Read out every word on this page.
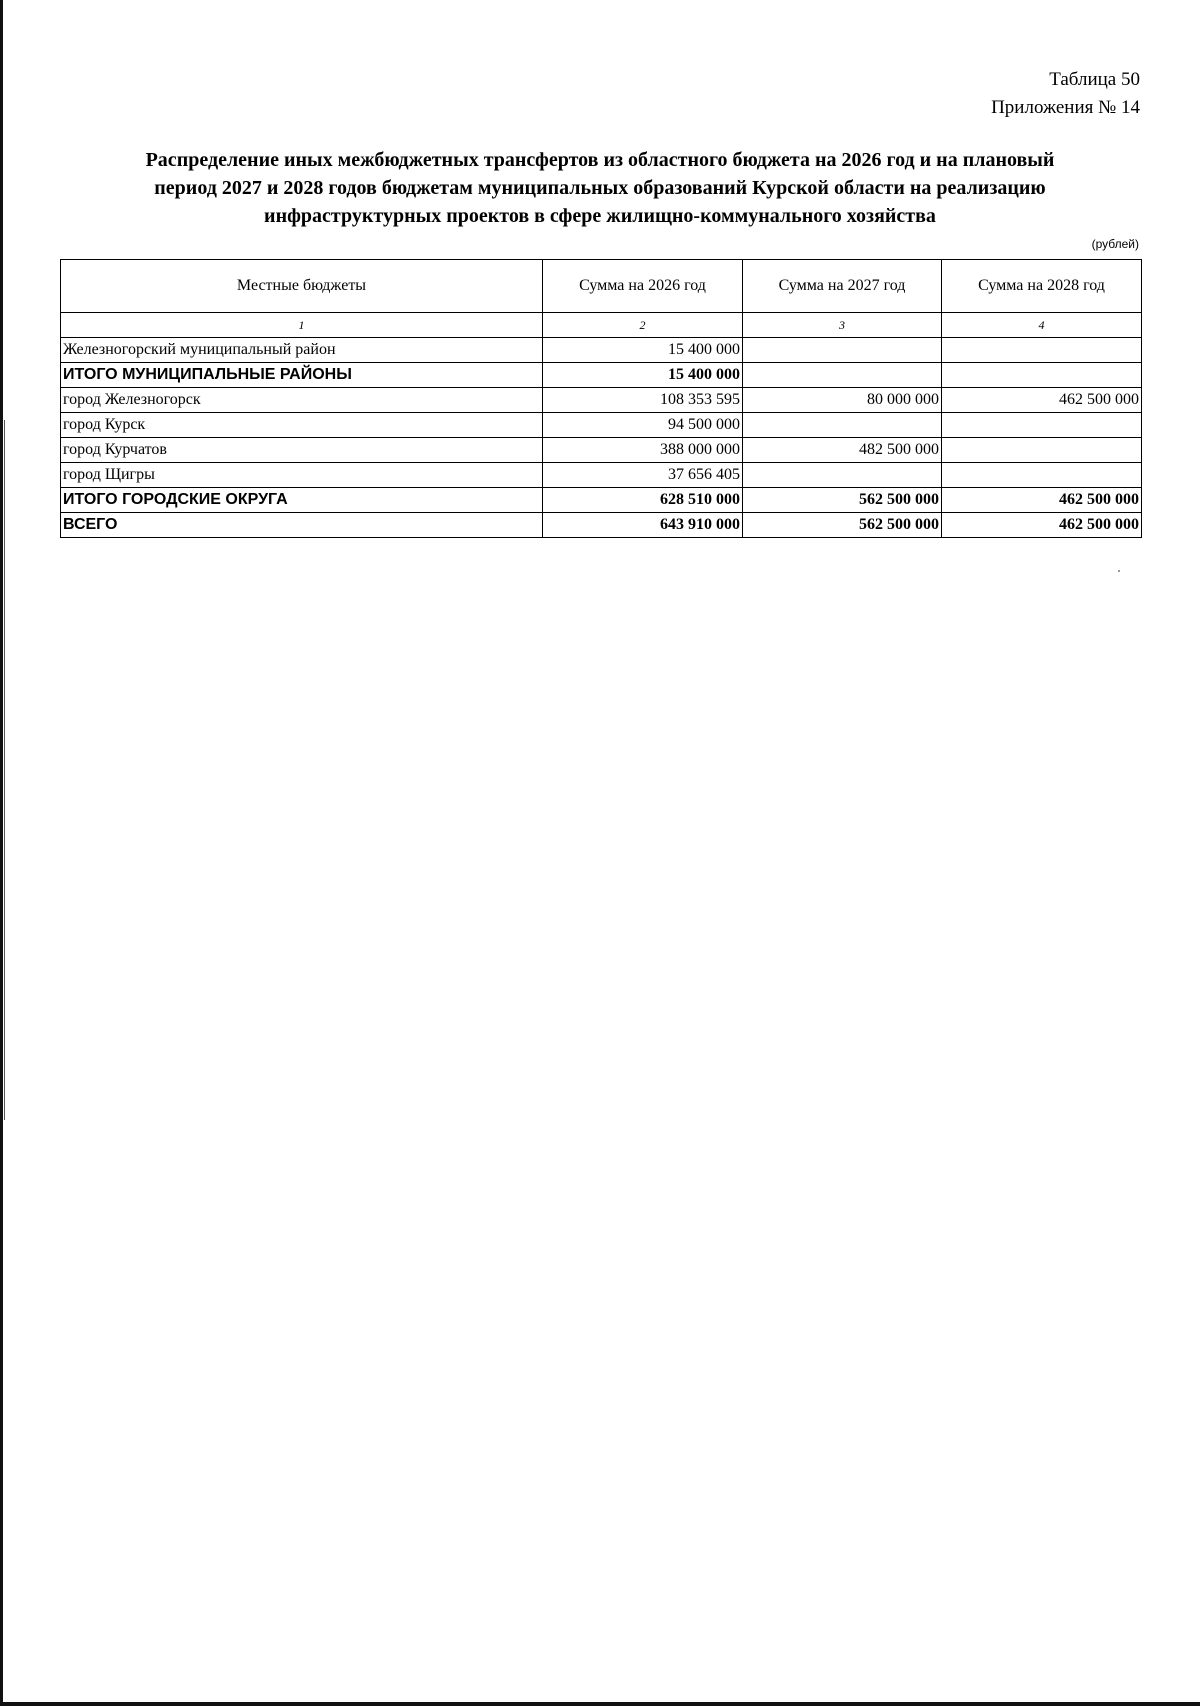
Таблица 50
Приложения № 14
Распределение иных межбюджетных трансфертов из областного бюджета на 2026 год и на плановый
период 2027 и 2028 годов бюджетам муниципальных образований Курской области на реализацию
инфраструктурных проектов в сфере жилищно-коммунального хозяйства
(рублей)
Местные бюджеты	Сумма на 2026 год	Сумма на 2027 год	Сумма на 2028 год
1	2	3	4
Железногорский муниципальный район	15 400 000		
ИТОГО МУНИЦИПАЛЬНЫЕ РАЙОНЫ	15 400 000		
город Железногорск	108 353 595	80 000 000	462 500 000
город Курск	94 500 000		
город Курчатов	388 000 000	482 500 000	
город Щигры	37 656 405		
ИТОГО ГОРОДСКИЕ ОКРУГА	628 510 000	562 500 000	462 500 000
ВСЕГО	643 910 000	562 500 000	462 500 000
